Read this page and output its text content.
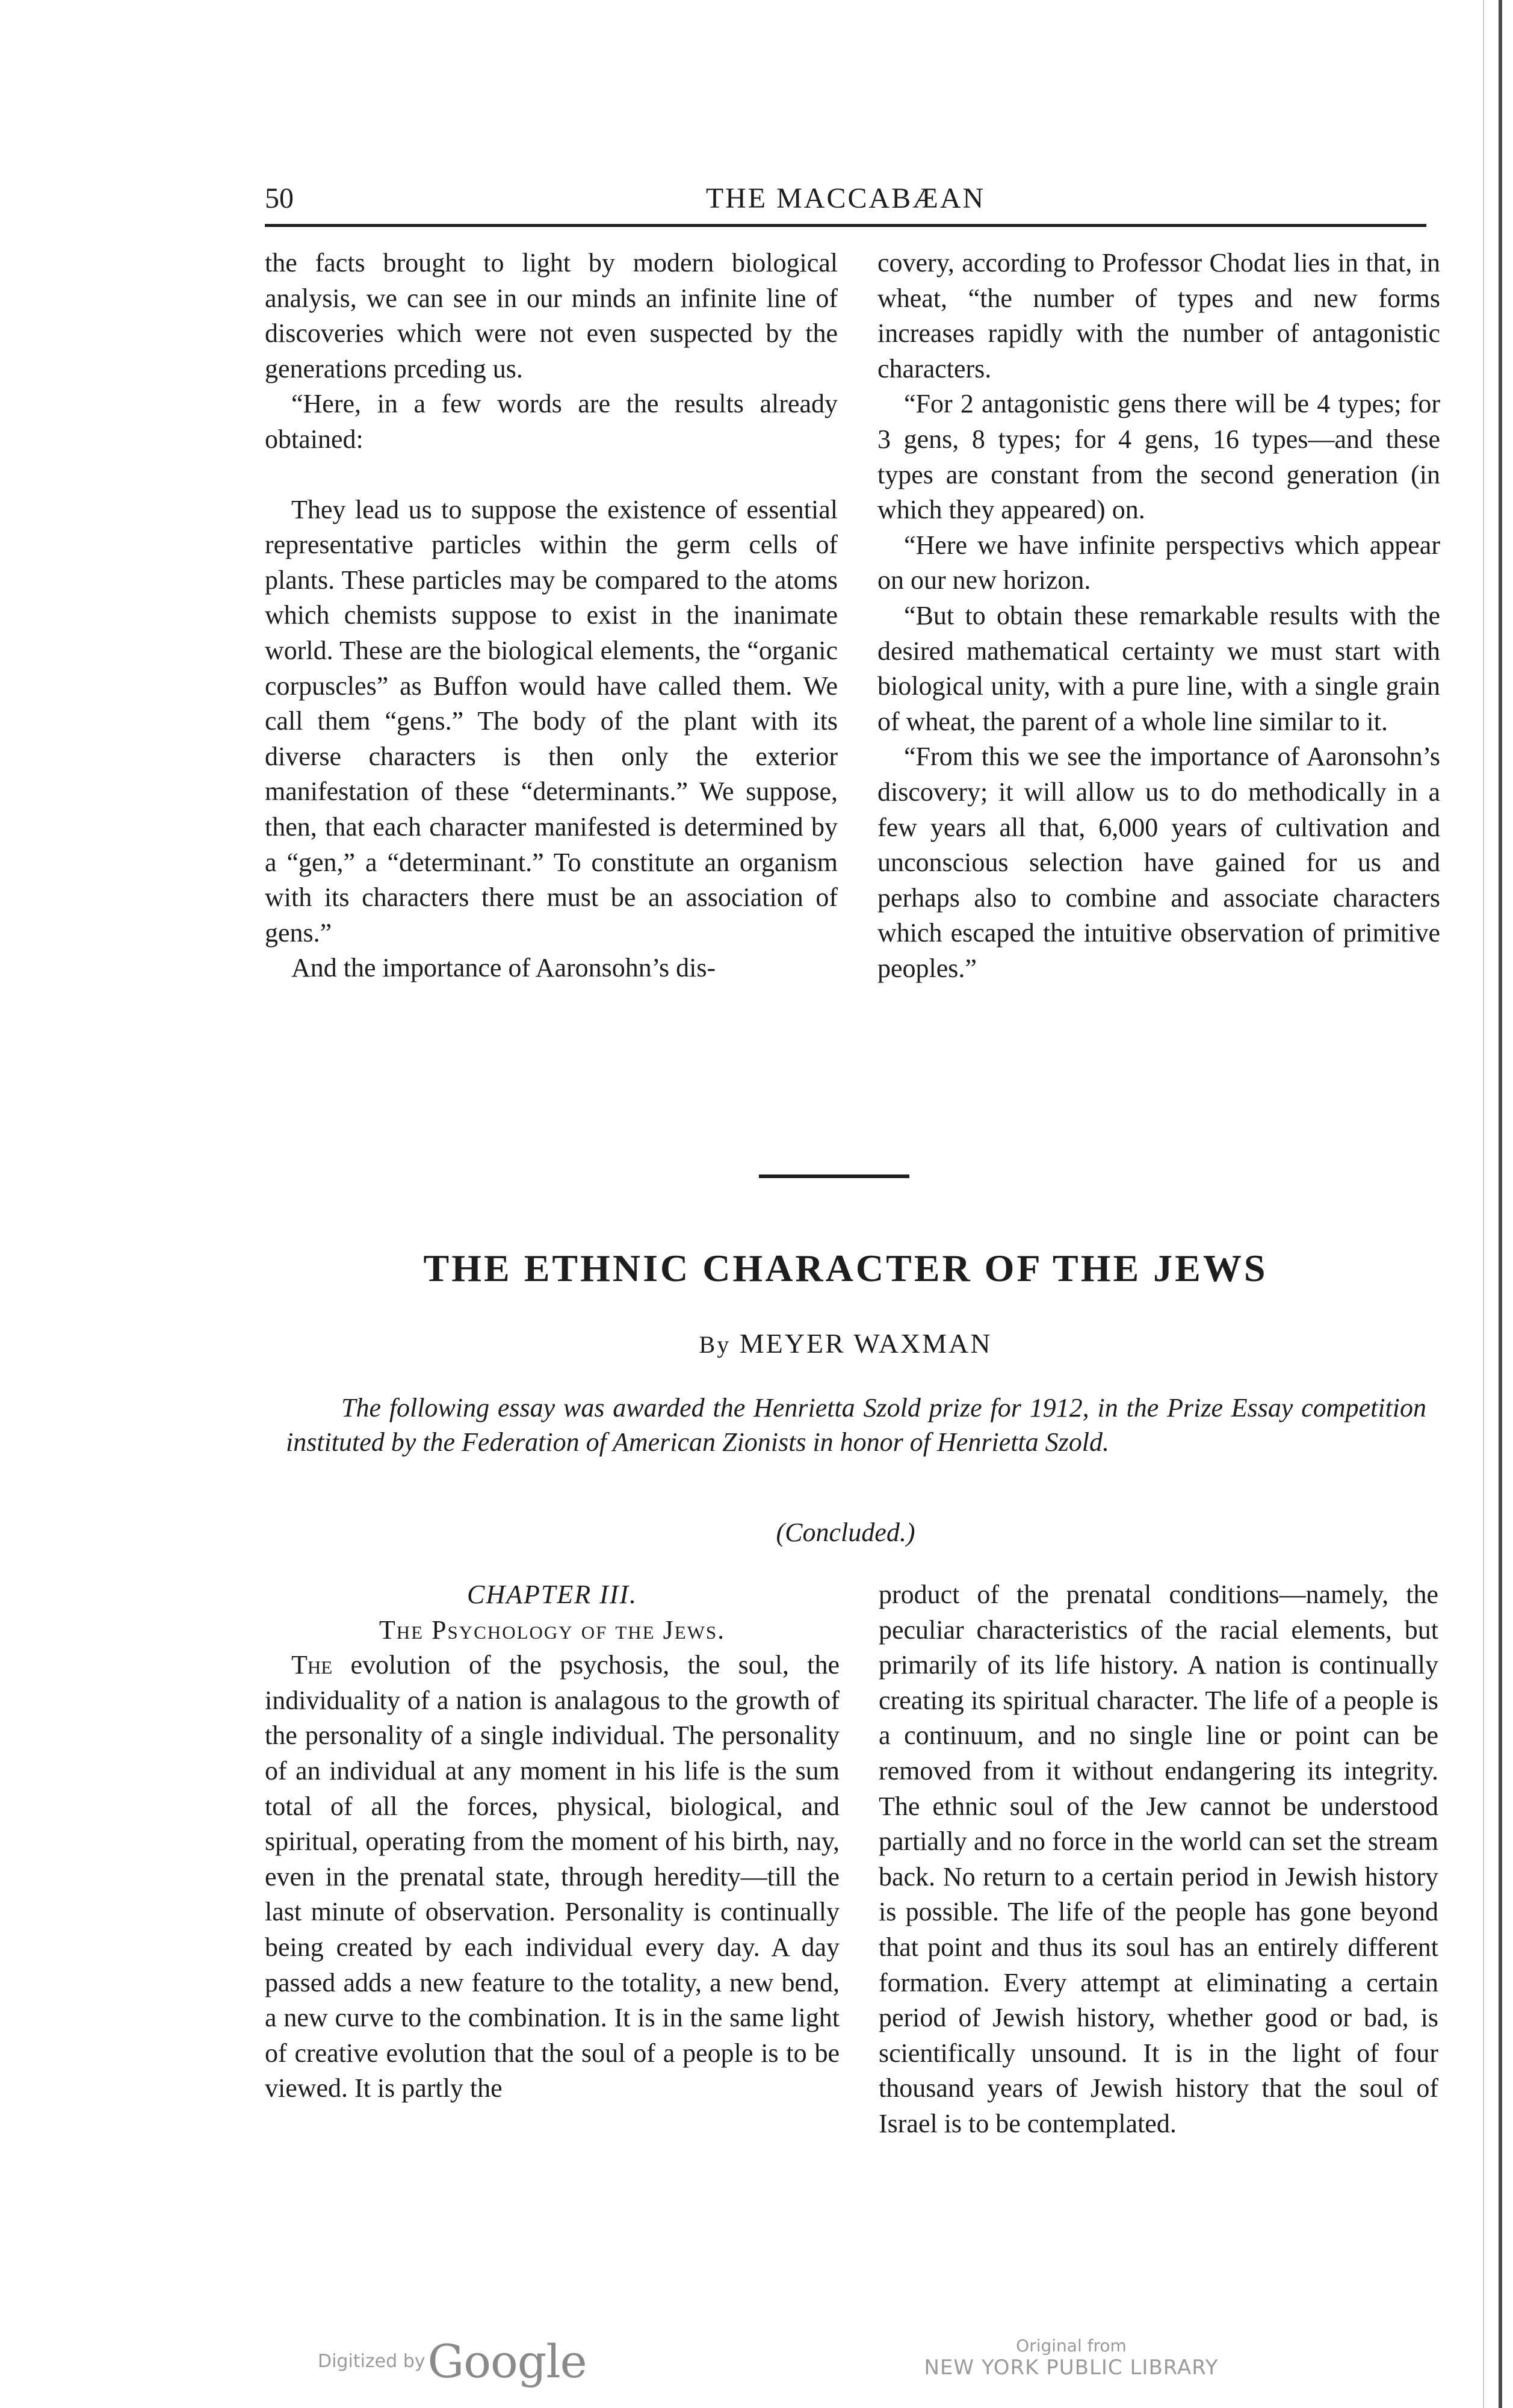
50	THE MACCABÆAN

the facts brought to light by modern biological analysis, we can see in our minds an infinite line of discoveries which were not even suspected by the generations prceding us.

“Here, in a few words are the results already obtained:

They lead us to suppose the existence of essential representative particles within the germ cells of plants. These particles may be compared to the atoms which chemists suppose to exist in the inanimate world. These are the biological elements, the “organic corpuscles” as Buffon would have called them. We call them “gens.” The body of the plant with its diverse characters is then only the exterior manifestation of these “determinants.” We suppose, then, that each character manifested is determined by a “gen,” a “determinant.” To constitute an organism with its characters there must be an association of gens.”

And the importance of Aaronsohn’s dis-

covery, according to Professor Chodat lies in that, in wheat, “the number of types and new forms increases rapidly with the number of antagonistic characters.

“For 2 antagonistic gens there will be 4 types; for 3 gens, 8 types; for 4 gens, 16 types—and these types are constant from the second generation (in which they appeared) on.

“Here we have infinite perspectivs which appear on our new horizon.

“But to obtain these remarkable results with the desired mathematical certainty we must start with biological unity, with a pure line, with a single grain of wheat, the parent of a whole line similar to it.

“From this we see the importance of Aaronsohn’s discovery; it will allow us to do methodically in a few years all that, 6,000 years of cultivation and unconscious selection have gained for us and perhaps also to combine and associate characters which escaped the intuitive observation of primitive peoples.”

THE ETHNIC CHARACTER OF THE JEWS
By MEYER WAXMAN
The following essay was awarded the Henrietta Szold prize for 1912, in the Prize Essay competition instituted by the Federation of American Zionists in honor of Henrietta Szold.
(Concluded.)

CHAPTER III.

The Psychology of the Jews.

The evolution of the psychosis, the soul, the individuality of a nation is analagous to the growth of the personality of a single individual. The personality of an individual at any moment in his life is the sum total of all the forces, physical, biological, and spiritual, operating from the moment of his birth, nay, even in the prenatal state, through heredity—till the last minute of observation. Personality is continually being created by each individual every day. A day passed adds a new feature to the totality, a new bend, a new curve to the combination. It is in the same light of creative evolution that the soul of a people is to be viewed. It is partly the

product of the prenatal conditions—namely, the peculiar characteristics of the racial elements, but primarily of its life history. A nation is continually creating its spiritual character. The life of a people is a continuum, and no single line or point can be removed from it without endangering its integrity. The ethnic soul of the Jew cannot be understood partially and no force in the world can set the stream back. No return to a certain period in Jewish history is possible. The life of the people has gone beyond that point and thus its soul has an entirely different formation. Every attempt at eliminating a certain period of Jewish history, whether good or bad, is scientifically unsound. It is in the light of four thousand years of Jewish history that the soul of Israel is to be contemplated.

Digitized by Google	Original from
NEW YORK PUBLIC LIBRARY
